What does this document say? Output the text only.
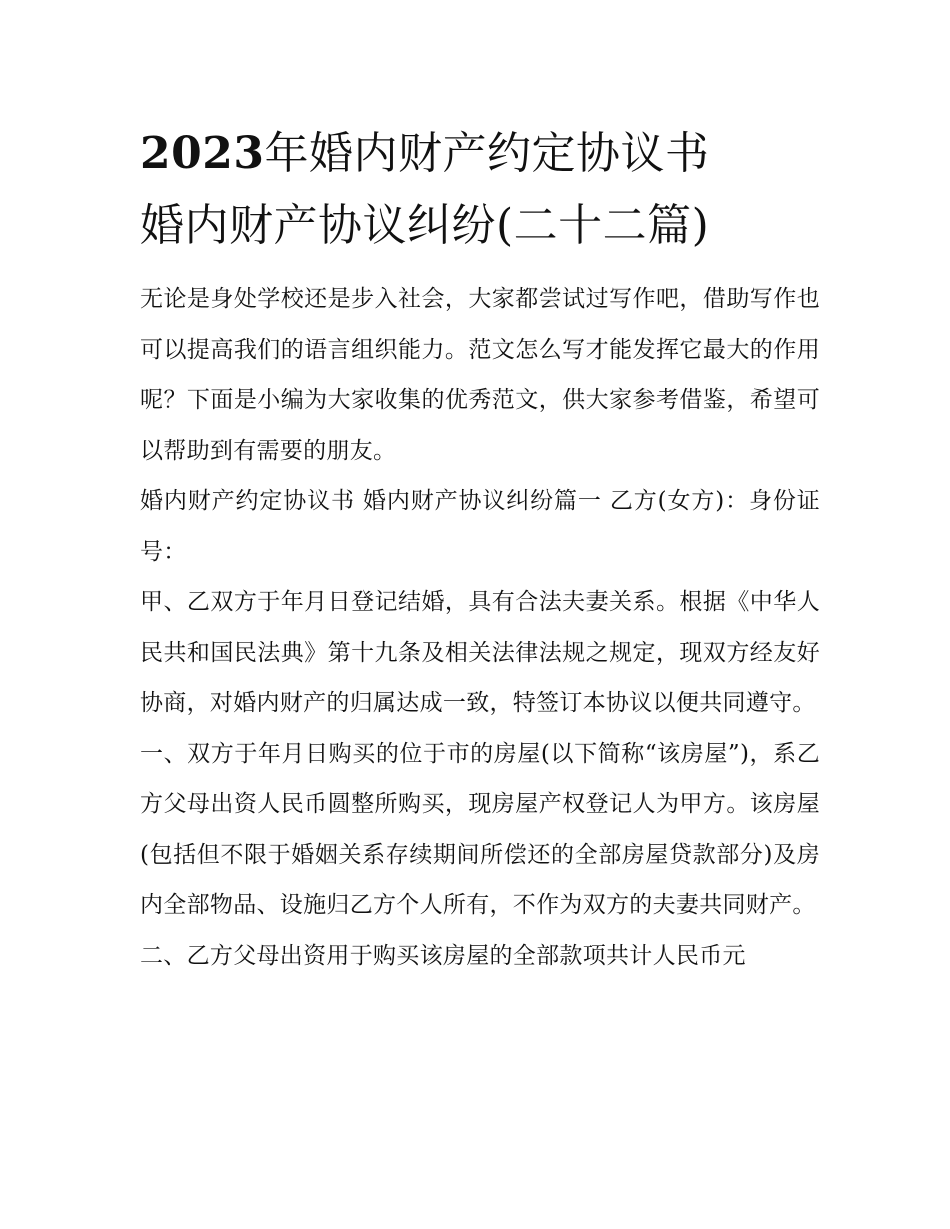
2023年婚内财产约定协议书
婚内财产协议纠纷(二十二篇)

无论是身处学校还是步入社会，大家都尝试过写作吧，借助写作也可以提高我们的语言组织能力。范文怎么写才能发挥它最大的作用呢？下面是小编为大家收集的优秀范文，供大家参考借鉴，希望可以帮助到有需要的朋友。

婚内财产约定协议书 婚内财产协议纠纷篇一 乙方(女方)：身份证号：

甲、乙双方于年月日登记结婚，具有合法夫妻关系。根据《中华人民共和国民法典》第十九条及相关法律法规之规定，现双方经友好协商，对婚内财产的归属达成一致，特签订本协议以便共同遵守。

一、双方于年月日购买的位于市的房屋(以下简称“该房屋”)，系乙方父母出资人民币圆整所购买，现房屋产权登记人为甲方。该房屋(包括但不限于婚姻关系存续期间所偿还的全部房屋贷款部分)及房内全部物品、设施归乙方个人所有，不作为双方的夫妻共同财产。

二、乙方父母出资用于购买该房屋的全部款项共计人民币元
